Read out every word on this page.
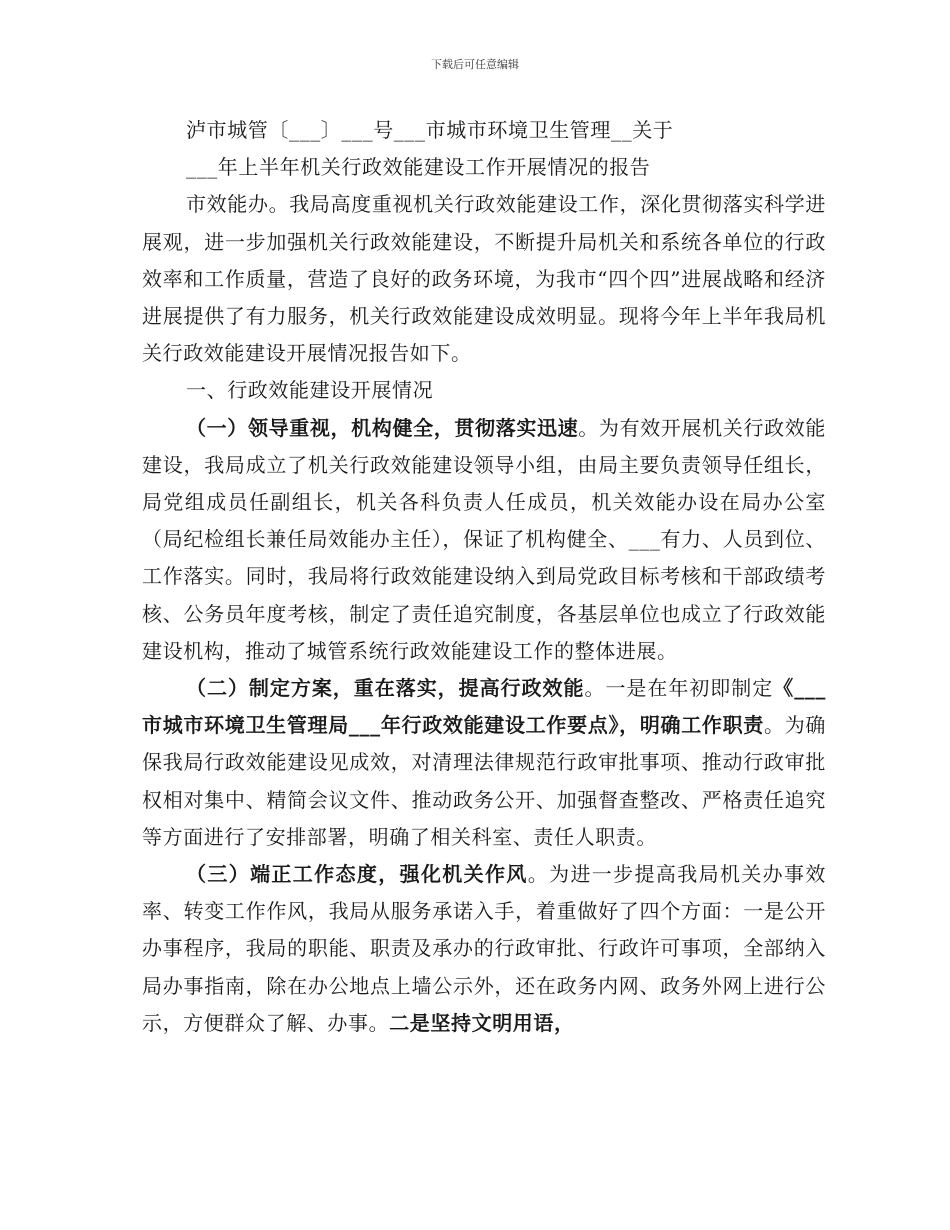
下载后可任意编辑

泸市城管〔___〕___号___市城市环境卫生管理__关于

___年上半年机关行政效能建设工作开展情况的报告

市效能办。我局高度重视机关行政效能建设工作，深化贯彻落实科学进展观，进一步加强机关行政效能建设，不断提升局机关和系统各单位的行政效率和工作质量，营造了良好的政务环境，为我市“四个四”进展战略和经济进展提供了有力服务，机关行政效能建设成效明显。现将今年上半年我局机关行政效能建设开展情况报告如下。

一、行政效能建设开展情况

（一）领导重视，机构健全，贯彻落实迅速。为有效开展机关行政效能建设，我局成立了机关行政效能建设领导小组，由局主要负责领导任组长，局党组成员任副组长，机关各科负责人任成员，机关效能办设在局办公室（局纪检组长兼任局效能办主任），保证了机构健全、___有力、人员到位、工作落实。同时，我局将行政效能建设纳入到局党政目标考核和干部政绩考核、公务员年度考核，制定了责任追究制度，各基层单位也成立了行政效能建设机构，推动了城管系统行政效能建设工作的整体进展。

（二）制定方案，重在落实，提高行政效能。一是在年初即制定《___市城市环境卫生管理局___年行政效能建设工作要点》，明确工作职责。为确保我局行政效能建设见成效，对清理法律规范行政审批事项、推动行政审批权相对集中、精简会议文件、推动政务公开、加强督查整改、严格责任追究等方面进行了安排部署，明确了相关科室、责任人职责。

（三）端正工作态度，强化机关作风。为进一步提高我局机关办事效率、转变工作作风，我局从服务承诺入手，着重做好了四个方面：一是公开办事程序，我局的职能、职责及承办的行政审批、行政许可事项，全部纳入局办事指南，除在办公地点上墙公示外，还在政务内网、政务外网上进行公示，方便群众了解、办事。二是坚持文明用语，
